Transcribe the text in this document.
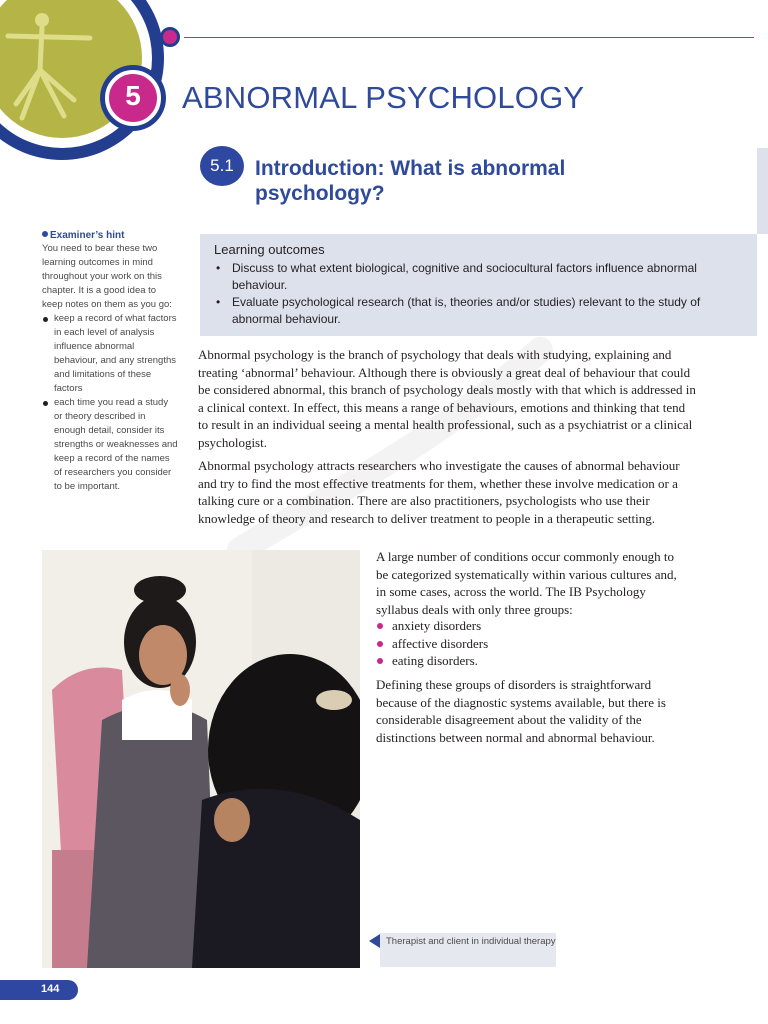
5 ABNORMAL PSYCHOLOGY
5.1	Introduction: What is abnormal psychology?
Examiner’s hint
You need to bear these two learning outcomes in mind throughout your work on this chapter. It is a good idea to keep notes on them as you go:
keep a record of what factors in each level of analysis influence abnormal behaviour, and any strengths and limitations of these factors
each time you read a study or theory described in enough detail, consider its strengths or weaknesses and keep a record of the names of researchers you consider to be important.
Learning outcomes
• Discuss to what extent biological, cognitive and sociocultural factors influence abnormal behaviour.
• Evaluate psychological research (that is, theories and/or studies) relevant to the study of abnormal behaviour.

Abnormal psychology is the branch of psychology that deals with studying, explaining and treating ‘abnormal’ behaviour. Although there is obviously a great deal of behaviour that could be considered abnormal, this branch of psychology deals mostly with that which is addressed in a clinical context. In effect, this means a range of behaviours, emotions and thinking that tend to result in an individual seeing a mental health professional, such as a psychiatrist or a clinical psychologist.

Abnormal psychology attracts researchers who investigate the causes of abnormal behaviour and try to find the most effective treatments for them, whether these involve medication or a talking cure or a combination. There are also practitioners, psychologists who use their knowledge of theory and research to deliver treatment to people in a therapeutic setting.

A large number of conditions occur commonly enough to be categorized systematically within various cultures and, in some cases, across the world. The IB Psychology syllabus deals with only three groups:

anxiety disorders
affective disorders
eating disorders.

Defining these groups of disorders is straightforward because of the diagnostic systems available, but there is considerable disagreement about the validity of the distinctions between normal and abnormal behaviour.

Therapist and client in individual therapy
144
